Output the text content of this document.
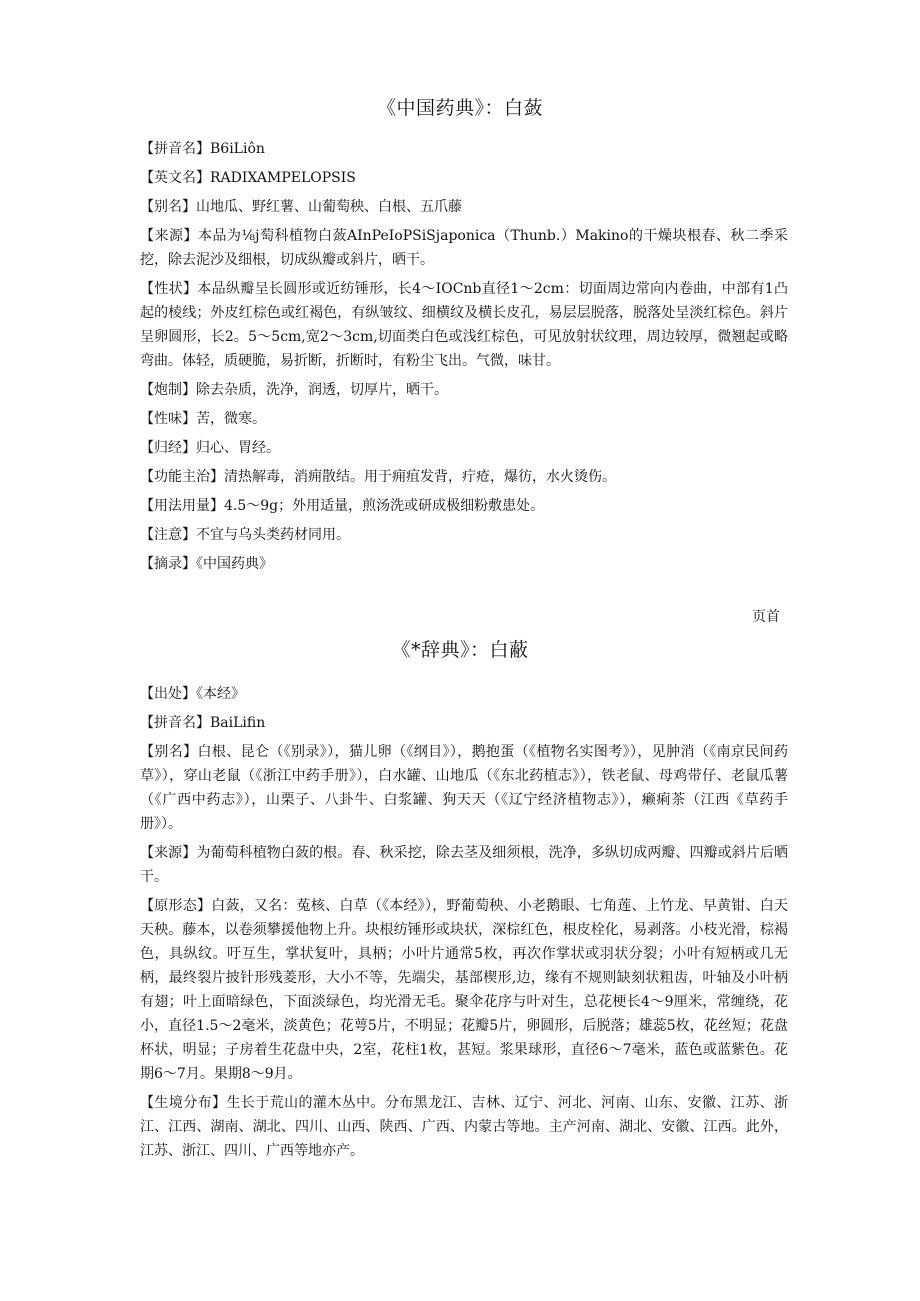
《中国药典》：白蔹

【拼音名】B6iLiôn

【英文名】RADIXAMPELOPSIS

【别名】山地瓜、野红薯、山葡萄秧、白根、五爪藤

【来源】本品为⅛j萄科植物白蔹AInPeIoPSiSjaponica（Thunb.）Makino的干燥块根春、秋二季采挖，除去泥沙及细根，切成纵瓣或斜片，晒干。

【性状】本品纵瓣呈长圆形或近纺锤形，长4～IOCnb直径1～2cm：切面周边常向内卷曲，中部有1凸起的棱线；外皮红棕色或红褐色，有纵皱纹、细横纹及横长皮孔，易层层脱落，脱落处呈淡红棕色。斜片呈卵圆形，长2。5～5cm,宽2～3cm,切面类白色或浅红棕色，可见放射状纹理，周边较厚，微翘起或略弯曲。体轻，质硬脆，易折断，折断时，有粉尘飞出。气微，味甘。

【炮制】除去杂质，洗净，润透，切厚片，晒干。

【性味】苦，微寒。

【归经】归心、胃经。

【功能主治】清热解毒，消痈散结。用于痈疽发背，疔疮，爆彷，水火烫伤。

【用法用量】4.5～9g；外用适量，煎汤洗或研成极细粉敷患处。

【注意】不宜与乌头类药材同用。

【摘录】《中国药典》

页首
《*辞典》：白蔽

【出处】《本经》

【拼音名】BaiLifin

【别名】白根、昆仑（《别录》），猫儿卵（《纲目》），鹅抱蛋（《植物名实图考》），见肿消（《南京民间药草》），穿山老鼠（《浙江中药手册》），白水罐、山地瓜（《东北药植志》），铁老鼠、母鸡带仔、老鼠瓜薯（《广西中药志》），山栗子、八卦牛、白浆罐、狗天天（《辽宁经济植物志》），癞痢茶（江西《草药手册》）。

【来源】为葡萄科植物白蔹的根。春、秋采挖，除去茎及细须根，洗净，多纵切成两瓣、四瓣或斜片后晒干。

【原形态】白蔹，又名：菟核、白草（《本经》），野葡萄秧、小老鹅眼、七角莲、上竹龙、早黄钳、白天天秧。藤本，以卷须攀援他物上升。块根纺锤形或块状，深棕红色，根皮栓化，易剥落。小枝光滑，棕褐色，具纵纹。吁互生，掌状复叶，具柄；小叶片通常5枚，再次作掌状或羽状分裂；小叶有短柄或几无柄，最终裂片披针形残菱形，大小不等，先端尖，基部楔形,边，缘有不规则缺刻状粗齿，叶轴及小叶柄有翅；叶上面暗绿色，下面淡绿色，均光滑无毛。聚伞花序与叶对生，总花梗长4～9厘米，常缠绕，花小，直径1.5～2毫米，淡黄色；花萼5片，不明显；花瓣5片，卵圆形，后脱落；雄蕊5枚，花丝短；花盘杯状，明显；子房着生花盘中央，2室，花柱1枚，甚短。浆果球形，直径6～7毫米，蓝色或蓝紫色。花期6～7月。果期8～9月。

【生境分布】生长于荒山的灌木丛中。分布黑龙江、吉林、辽宁、河北、河南、山东、安徽、江苏、浙江、江西、湖南、湖北、四川、山西、陕西、广西、内蒙古等地。主产河南、湖北、安徽、江西。此外，江苏、浙江、四川、广西等地亦产。
